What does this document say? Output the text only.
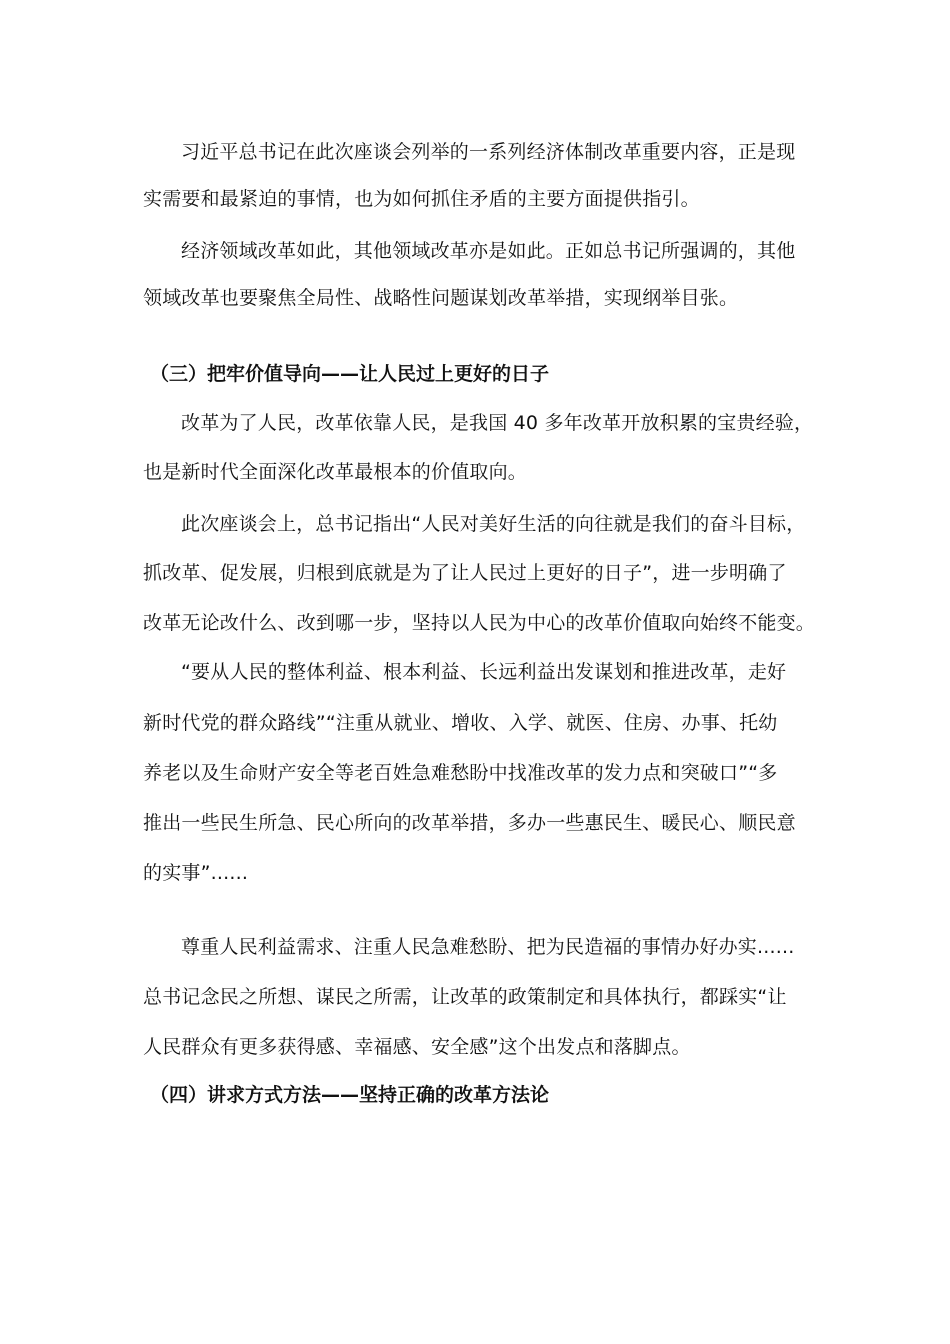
习近平总书记在此次座谈会列举的一系列经济体制改革重要内容，正是现
实需要和最紧迫的事情，也为如何抓住矛盾的主要方面提供指引。
经济领域改革如此，其他领域改革亦是如此。正如总书记所强调的，其他
领域改革也要聚焦全局性、战略性问题谋划改革举措，实现纲举目张。
（三）把牢价值导向——让人民过上更好的日子
改革为了人民，改革依靠人民，是我国 40 多年改革开放积累的宝贵经验，
也是新时代全面深化改革最根本的价值取向。
此次座谈会上，总书记指出“人民对美好生活的向往就是我们的奋斗目标，
抓改革、促发展，归根到底就是为了让人民过上更好的日子”，进一步明确了
改革无论改什么、改到哪一步，坚持以人民为中心的改革价值取向始终不能变。
“要从人民的整体利益、根本利益、长远利益出发谋划和推进改革，走好
新时代党的群众路线”“注重从就业、增收、入学、就医、住房、办事、托幼
养老以及生命财产安全等老百姓急难愁盼中找准改革的发力点和突破口”“多
推出一些民生所急、民心所向的改革举措，多办一些惠民生、暖民心、顺民意
的实事”......
尊重人民利益需求、注重人民急难愁盼、把为民造福的事情办好办实......
总书记念民之所想、谋民之所需，让改革的政策制定和具体执行，都踩实“让
人民群众有更多获得感、幸福感、安全感”这个出发点和落脚点。
（四）讲求方式方法——坚持正确的改革方法论
